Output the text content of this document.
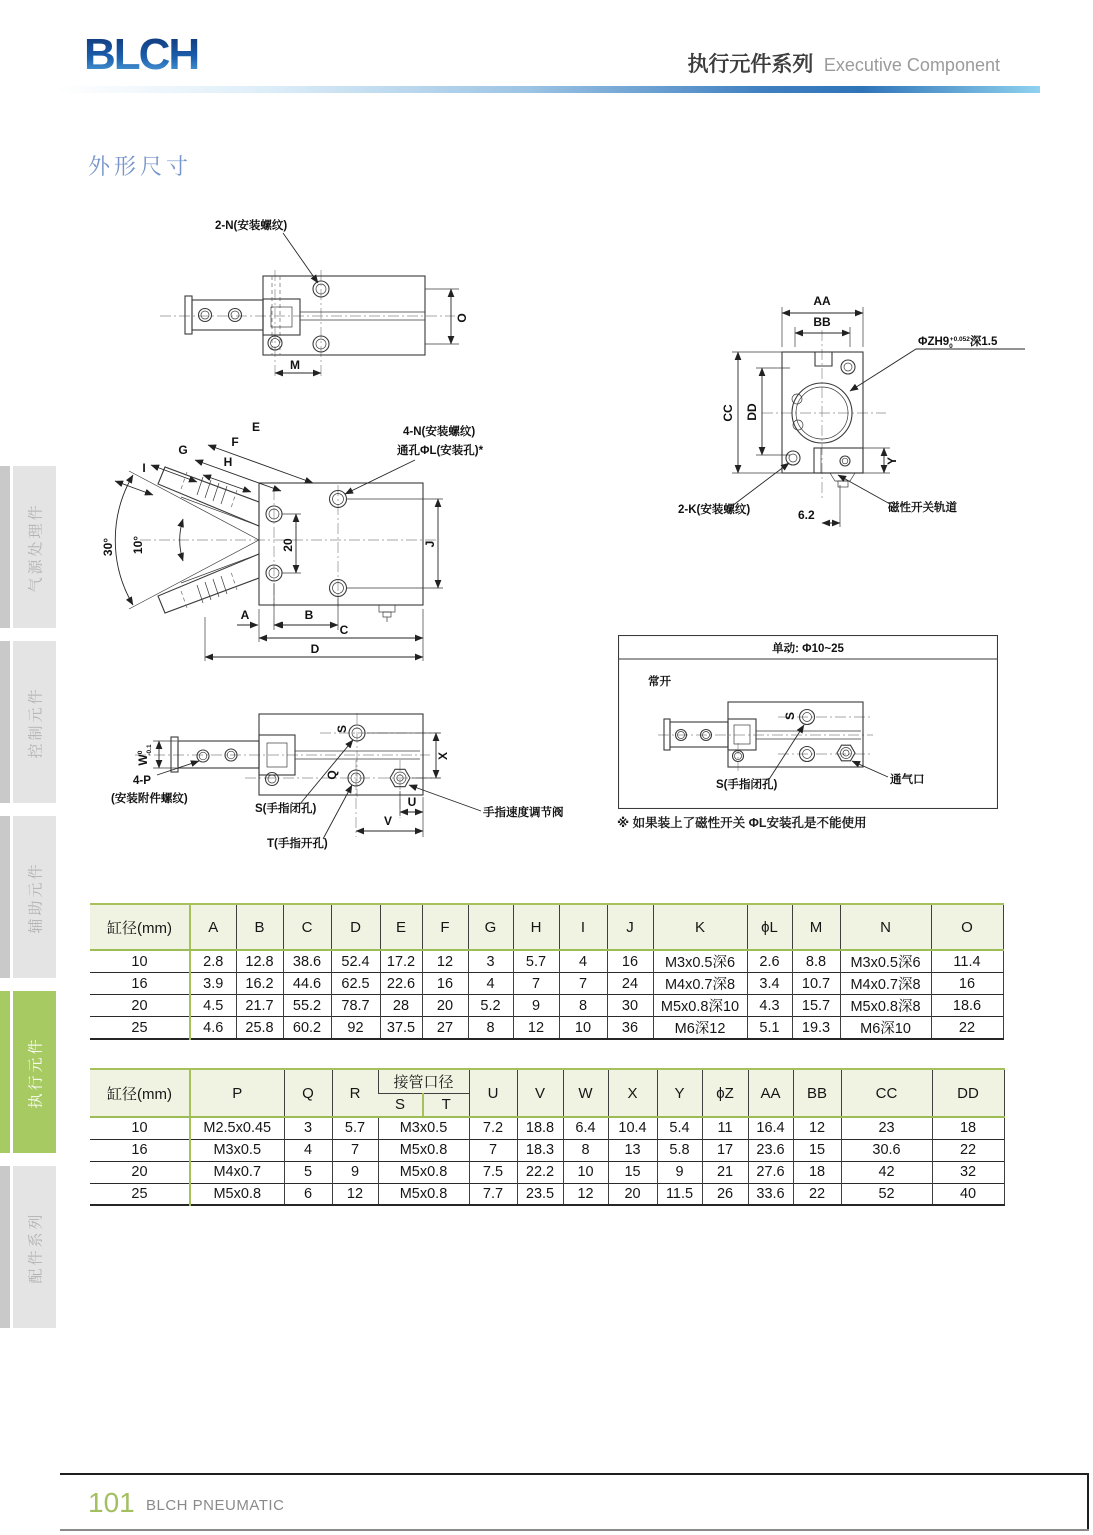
BLCH	执行元件系列 Executive Component
外形尺寸
气源处理件
控制元件
辅助元件
执行元件
配件系列
2-N(安装螺纹)
O
M
30° 10°
E
F
G
H
I
20	J
A	B
C
D
4-N(安装螺纹)
通孔ΦL(安装孔)*
S
Q
$W^0$ -0.1
4-P
(安装附件螺纹)
S(手指闭孔)
T(手指开孔)
X
U
V
手指速度调节阀
AA
BB
CC DD
Y
6.2
$\Phi ZH9_0+0.052$深1.5
2-K(安装螺纹)	磁性开关轨道
单动: Φ10~25
常开
S
S(手指闭孔)	通气口
※ 如果装上了磁性开关 ΦL安装孔是不能使用
缸径(mm)	A	B	C	D	E	F	G	H	I	J	K	ϕL	M	N	O
10	2.8	12.8	38.6	52.4	17.2	12	3	5.7	4	16	M3x0.5深6	2.6	8.8	M3x0.5深6	11.4
16	3.9	16.2	44.6	62.5	22.6	16	4	7	7	24	M4x0.7深8	3.4	10.7	M4x0.7深8	16
20	4.5	21.7	55.2	78.7	28	20	5.2	9	8	30	M5x0.8深10	4.3	15.7	M5x0.8深8	18.6
25	4.6	25.8	60.2	92	37.5	27	8	12	10	36	M6深12	5.1	19.3	M6深10	22
缸径(mm)	P	Q	R	接管口径		U	V	W	X	Y	ϕZ	AA	BB	CC	DD
				S	T										
10	M2.5x0.45	3	5.7	M3x0.5		7.2	18.8	6.4	10.4	5.4	11	16.4	12	23	18
16	M3x0.5	4	7	M5x0.8		7	18.3	8	13	5.8	17	23.6	15	30.6	22
20	M4x0.7	5	9	M5x0.8		7.5	22.2	10	15	9	21	27.6	18	42	32
25	M5x0.8	6	12	M5x0.8		7.7	23.5	12	20	11.5	26	33.6	22	52	40
101 BLCH PNEUMATIC
